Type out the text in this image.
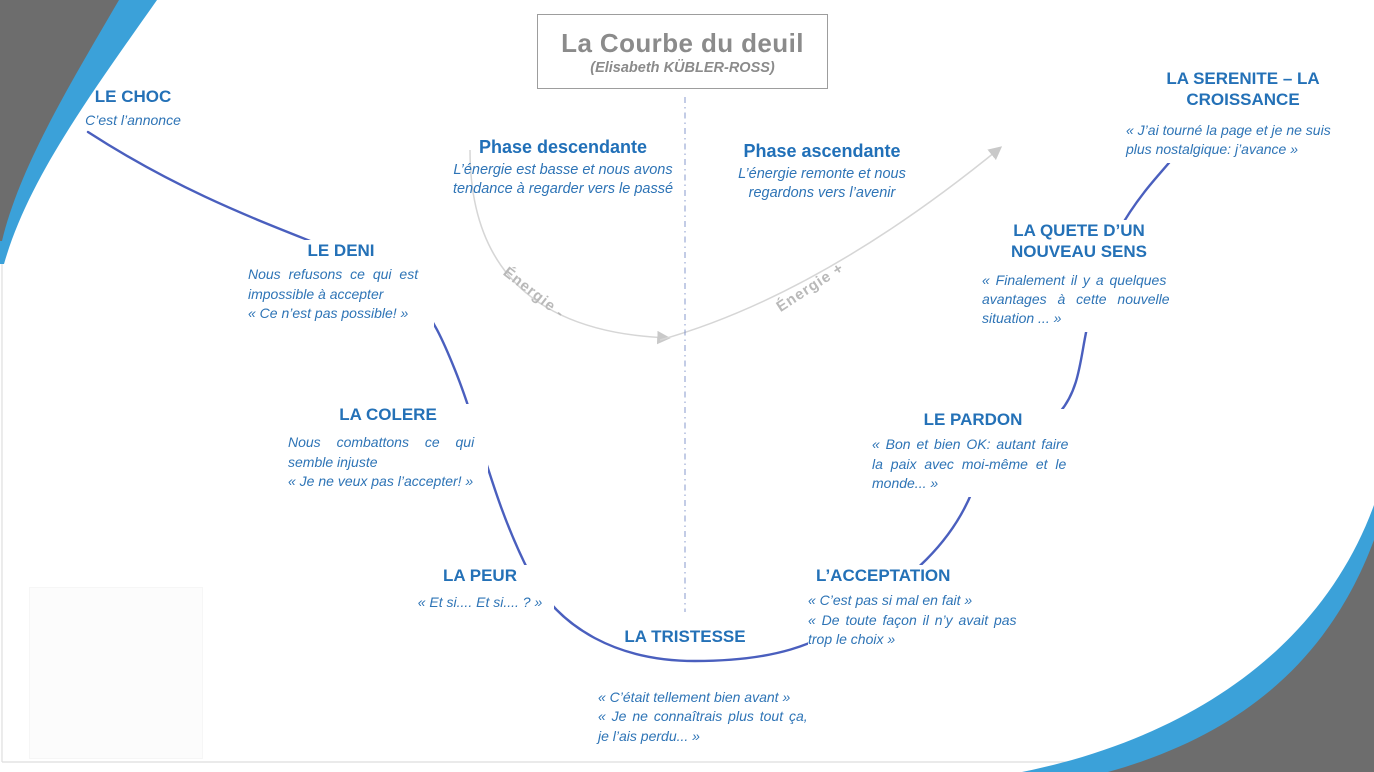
La Courbe du deuil
(Elisabeth KÜBLER-ROSS)
Phase descendante
L’énergie est basse et nous avons
tendance à regarder vers le passé
Phase ascendante
L’énergie remonte et nous
regardons vers l’avenir
Énergie -	Énergie +
LE CHOC
C’est l’annonce
LE DENI
Nous refusons ce qui est
impossible à accepter
« Ce n’est pas possible! »
LA COLERE
Nous combattons ce qui
semble injuste
« Je ne veux pas l’accepter! »
LA PEUR
« Et si.... Et si.... ? »
LA TRISTESSE
« C’était tellement bien avant »
« Je ne connaîtrais plus tout ça,
je l’ais perdu... »
L’ACCEPTATION
« C’est pas si mal en fait »
« De toute façon il n’y avait pas
trop le choix »
LE PARDON
« Bon et bien OK: autant faire
la paix avec moi-même et le
monde... »
LA QUETE D’UN NOUVEAU SENS
« Finalement il y a quelques
avantages à cette nouvelle
situation ... »
LA SERENITE – LA CROISSANCE
« J’ai tourné la page et je ne suis
plus nostalgique: j’avance »
